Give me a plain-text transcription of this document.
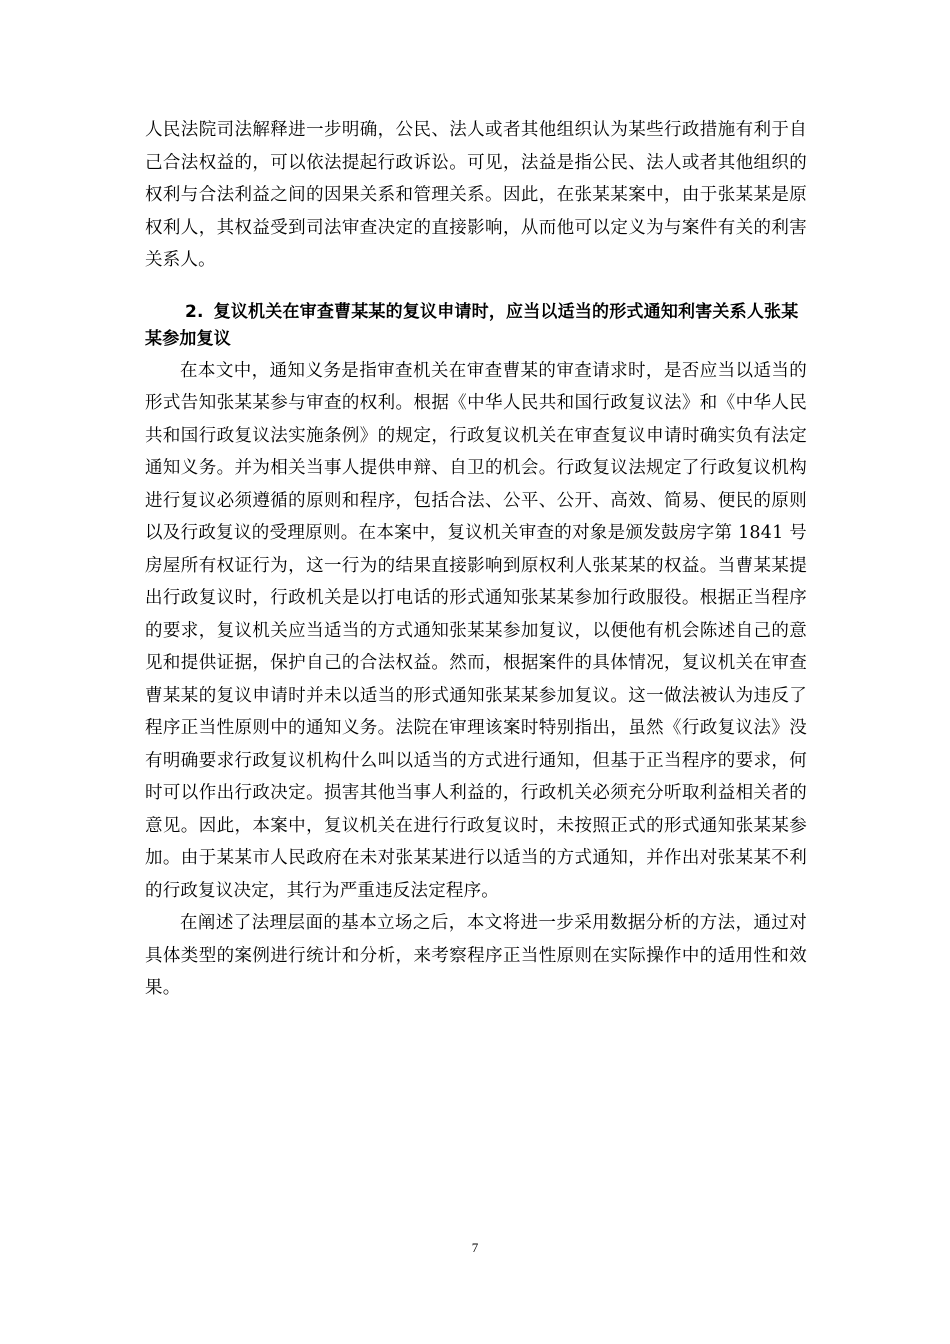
人民法院司法解释进一步明确，公民、法人或者其他组织认为某些行政措施有利于自己合法权益的，可以依法提起行政诉讼。可见，法益是指公民、法人或者其他组织的权利与合法利益之间的因果关系和管理关系。因此，在张某某案中，由于张某某是原权利人，其权益受到司法审查决定的直接影响，从而他可以定义为与案件有关的利害关系人。

2. 复议机关在审查曹某某的复议申请时，应当以适当的形式通知利害关系人张某某参加复议

在本文中，通知义务是指审查机关在审查曹某的审查请求时，是否应当以适当的形式告知张某某参与审查的权利。根据《中华人民共和国行政复议法》和《中华人民共和国行政复议法实施条例》的规定，行政复议机关在审查复议申请时确实负有法定通知义务。并为相关当事人提供申辩、自卫的机会。行政复议法规定了行政复议机构进行复议必须遵循的原则和程序，包括合法、公平、公开、高效、简易、便民的原则以及行政复议的受理原则。在本案中，复议机关审查的对象是颁发鼓房字第 1841 号房屋所有权证行为，这一行为的结果直接影响到原权利人张某某的权益。当曹某某提出行政复议时，行政机关是以打电话的形式通知张某某参加行政服役。根据正当程序的要求，复议机关应当适当的方式通知张某某参加复议，以便他有机会陈述自己的意见和提供证据，保护自己的合法权益。然而，根据案件的具体情况，复议机关在审查曹某某的复议申请时并未以适当的形式通知张某某参加复议。这一做法被认为违反了程序正当性原则中的通知义务。法院在审理该案时特别指出，虽然《行政复议法》没有明确要求行政复议机构什么叫以适当的方式进行通知，但基于正当程序的要求，何时可以作出行政决定。损害其他当事人利益的，行政机关必须充分听取利益相关者的意见。因此，本案中，复议机关在进行行政复议时，未按照正式的形式通知张某某参加。由于某某市人民政府在未对张某某进行以适当的方式通知，并作出对张某某不利的行政复议决定，其行为严重违反法定程序。

在阐述了法理层面的基本立场之后，本文将进一步采用数据分析的方法，通过对具体类型的案例进行统计和分析，来考察程序正当性原则在实际操作中的适用性和效果。

7
